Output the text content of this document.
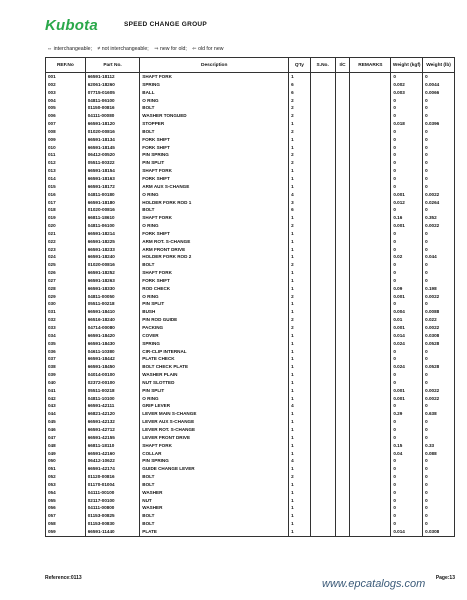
Kubota	SPEED CHANGE GROUP
⇔ interchangeable; ≠ not interchangeable; ⇒ new for old; ⇐ old for new
REF.No	Part No.	Description	Q'ty	S.No.	I/C	REMARKS	Weight (kgf)	Weight (lb)
001	66591-18112	SHAFT FORK	1				0	0
002	62061-18260	SPRING	6				0.002	0.0044
003	07715-01605	BALL	6				0.003	0.0066
004	04811-06100	O RING	2				0	0
005	01150-00816	BOLT	2				0	0
006	04111-00080	WASHER TONGUED	2				0	0
007	66591-18120	STOPPER	1				0.018	0.0396
008	01020-00816	BOLT	2				0	0
009	66591-18134	FORK SHIFT	1				0	0
010	66591-18145	FORK SHIFT	1				0	0
011	06412-00520	PIN SPRING	2				0	0
012	05511-00322	PIN SPLIT	2				0	0
013	66591-18154	SHAFT FORK	1				0	0
014	66591-18163	FORK SHIFT	1				0	0
015	66591-18172	ARM AUX S-CHANGE	1				0	0
016	04811-00180	O RING	4				0.001	0.0022
017	66591-18180	HOLDER FORK ROD 1	3				0.012	0.0264
018	01020-00816	BOLT	6				0	0
019	66811-18610	SHAFT FORK	1				0.16	0.352
020	04811-06100	O RING	2				0.001	0.0022
021	66591-18214	FORK SHIFT	1				0	0
022	66591-18225	ARM ROT. S-CHANGE	1				0	0
023	66591-18233	ARM FRONT DRIVE	1				0	0
024	66591-18240	HOLDER FORK ROD 2	1				0.02	0.044
025	01020-00816	BOLT	2				0	0
026	66591-18252	SHAFT FORK	1				0	0
027	66591-18263	FORK SHIFT	1				0	0
028	66591-18330	ROD CHECK	1				0.09	0.198
029	04811-00050	O RING	2				0.001	0.0022
030	05511-00218	PIN SPLIT	1				0	0
031	66591-18410	BUSH	1				0.004	0.0088
032	66516-18240	PIN ROD GUIDE	2				0.01	0.022
033	04714-00080	PACKING	2				0.001	0.0022
034	66591-18420	COVER	1				0.014	0.0308
035	66591-18430	SPRING	1				0.024	0.0528
036	04611-10380	CIR-CLIP INTERNAL	1				0	0
037	66591-18442	PLATE CHECK	1				0	0
038	66591-18450	BOLT CHECK PLATE	1				0.024	0.0528
039	04014-00100	WASHER PLAIN	1				0	0
040	02372-00100	NUT SLOTTED	1				0	0
041	05511-00218	PIN SPLIT	1				0.001	0.0022
042	04811-10100	O RING	1				0.001	0.0022
043	66591-42111	GRIP LEVER	4				0	0
044	66821-42120	LEVER MAIN S-CHANGE	1				0.29	0.638
045	66591-42132	LEVER AUX S-CHANGE	1				0	0
046	66591-42712	LEVER ROT. S-CHANGE	1				0	0
047	66591-42155	LEVER FRONT DRIVE	1				0	0
048	66811-18110	SHAFT FORK	1				0.15	0.33
049	66591-42160	COLLAR	1				0.04	0.088
050	06412-10622	PIN SPRING	4				0	0
051	66591-42174	GUIDE CHANGE LEVER	1				0	0
052	01120-00816	BOLT	2				0	0
053	01170-01004	BOLT	1				0	0
054	04111-00100	WASHER	1				0	0
055	02117-00100	NUT	1				0	0
056	04111-00800	WASHER	1				0	0
057	01153-00825	BOLT	1				0	0
058	01153-00830	BOLT	1				0	0
059	66591-11440	PLATE	1				0.014	0.0308
Reference:0113	www.epcatalogs.com Page:13
